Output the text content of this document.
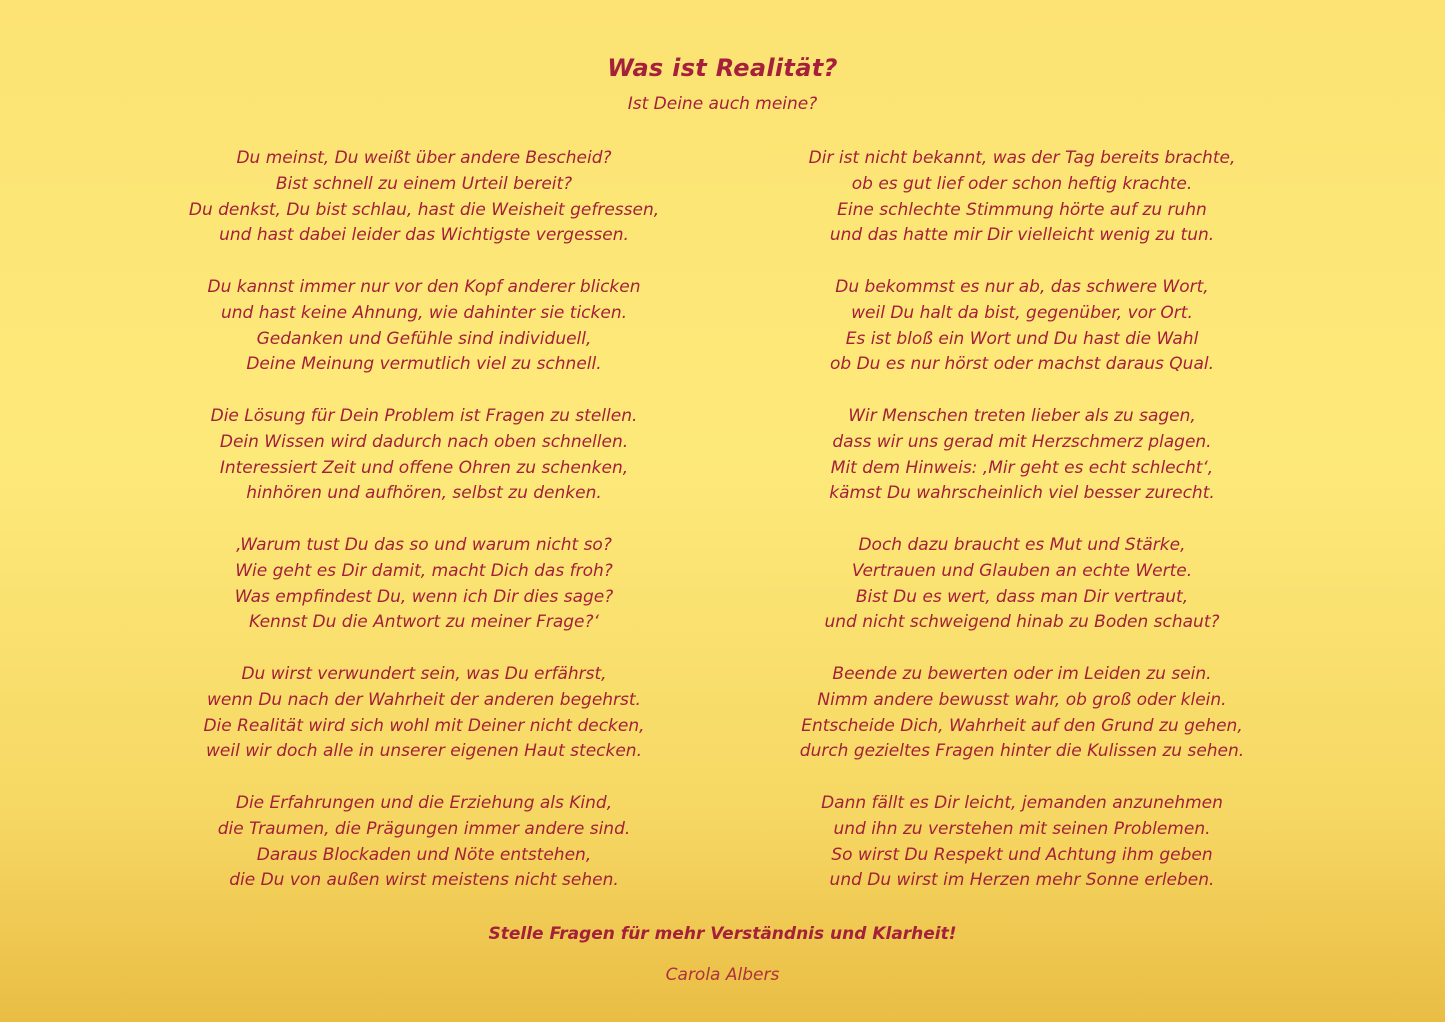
Was ist Realität?
Ist Deine auch meine?
Du meinst, Du weißt über andere Bescheid?
Bist schnell zu einem Urteil bereit?
Du denkst, Du bist schlau, hast die Weisheit gefressen,
und hast dabei leider das Wichtigste vergessen.
Du kannst immer nur vor den Kopf anderer blicken
und hast keine Ahnung, wie dahinter sie ticken.
Gedanken und Gefühle sind individuell,
Deine Meinung vermutlich viel zu schnell.
Die Lösung für Dein Problem ist Fragen zu stellen.
Dein Wissen wird dadurch nach oben schnellen.
Interessiert Zeit und offene Ohren zu schenken,
hinhören und aufhören, selbst zu denken.
‚Warum tust Du das so und warum nicht so?
Wie geht es Dir damit, macht Dich das froh?
Was empfindest Du, wenn ich Dir dies sage?
Kennst Du die Antwort zu meiner Frage?‘
Du wirst verwundert sein, was Du erfährst,
wenn Du nach der Wahrheit der anderen begehrst.
Die Realität wird sich wohl mit Deiner nicht decken,
weil wir doch alle in unserer eigenen Haut stecken.
Die Erfahrungen und die Erziehung als Kind,
die Traumen, die Prägungen immer andere sind.
Daraus Blockaden und Nöte entstehen,
die Du von außen wirst meistens nicht sehen.
Dir ist nicht bekannt, was der Tag bereits brachte,
ob es gut lief oder schon heftig krachte.
Eine schlechte Stimmung hörte auf zu ruhn
und das hatte mir Dir vielleicht wenig zu tun.
Du bekommst es nur ab, das schwere Wort,
weil Du halt da bist, gegenüber, vor Ort.
Es ist bloß ein Wort und Du hast die Wahl
ob Du es nur hörst oder machst daraus Qual.
Wir Menschen treten lieber als zu sagen,
dass wir uns gerad mit Herzschmerz plagen.
Mit dem Hinweis: ‚Mir geht es echt schlecht‘,
kämst Du wahrscheinlich viel besser zurecht.
Doch dazu braucht es Mut und Stärke,
Vertrauen und Glauben an echte Werte.
Bist Du es wert, dass man Dir vertraut,
und nicht schweigend hinab zu Boden schaut?
Beende zu bewerten oder im Leiden zu sein.
Nimm andere bewusst wahr, ob groß oder klein.
Entscheide Dich, Wahrheit auf den Grund zu gehen,
durch gezieltes Fragen hinter die Kulissen zu sehen.
Dann fällt es Dir leicht, jemanden anzunehmen
und ihn zu verstehen mit seinen Problemen.
So wirst Du Respekt und Achtung ihm geben
und Du wirst im Herzen mehr Sonne erleben.
Stelle Fragen für mehr Verständnis und Klarheit!
Carola Albers
